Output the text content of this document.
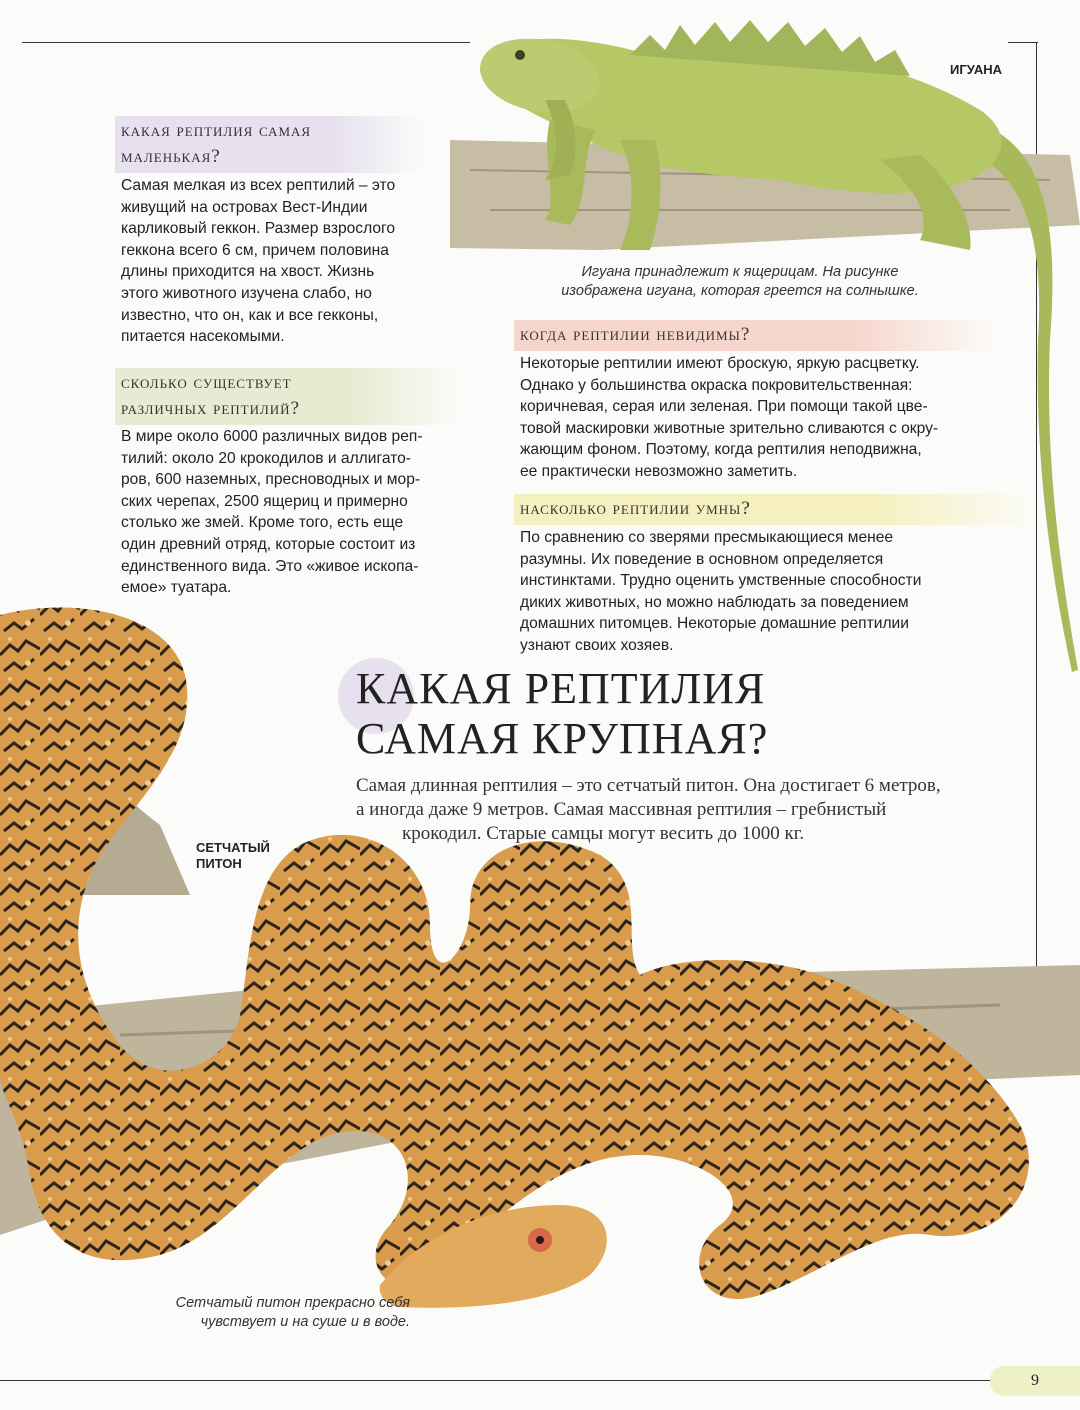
ИГУАНА
Игуана принадлежит к ящерицам. На рисунке
изображена игуана, которая греется на солнышке.
какая рептилия самая
маленькая?
Самая мелкая из всех рептилий – это
живущий на островах Вест-Индии
карликовый геккон. Размер взрослого
геккона всего 6 см, причем половина
длины приходится на хвост. Жизнь
этого животного изучена слабо, но
известно, что он, как и все гекконы,
питается насекомыми.
сколько существует
различных рептилий?
В мире около 6000 различных видов реп-
тилий: около 20 крокодилов и аллигато-
ров, 600 наземных, пресноводных и мор-
ских черепах, 2500 ящериц и примерно
столько же змей. Кроме того, есть еще
один древний отряд, которые состоит из
единственного вида. Это «живое ископа-
емое» туатара.
когда рептилии невидимы?
Некоторые рептилии имеют броскую, яркую расцветку.
Однако у большинства окраска покровительственная:
коричневая, серая или зеленая. При помощи такой цве-
товой маскировки животные зрительно сливаются с окру-
жающим фоном. Поэтому, когда рептилия неподвижна,
ее практически невозможно заметить.
насколько рептилии умны?
По сравнению со зверями пресмыкающиеся менее
разумны. Их поведение в основном определяется
инстинктами. Трудно оценить умственные способности
диких животных, но можно наблюдать за поведением
домашних питомцев. Некоторые домашние рептилии
узнают своих хозяев.
СЕТЧАТЫЙ
ПИТОН
Сетчатый питон прекрасно себя
чувствует и на суше и в воде.
КАКАЯ РЕПТИЛИЯ
САМАЯ КРУПНАЯ?
Самая длинная рептилия – это сетчатый питон. Она достигает 6 метров,
а иногда даже 9 метров. Самая массивная рептилия – гребнистый
крокодил. Старые самцы могут весить до 1000 кг.
9
